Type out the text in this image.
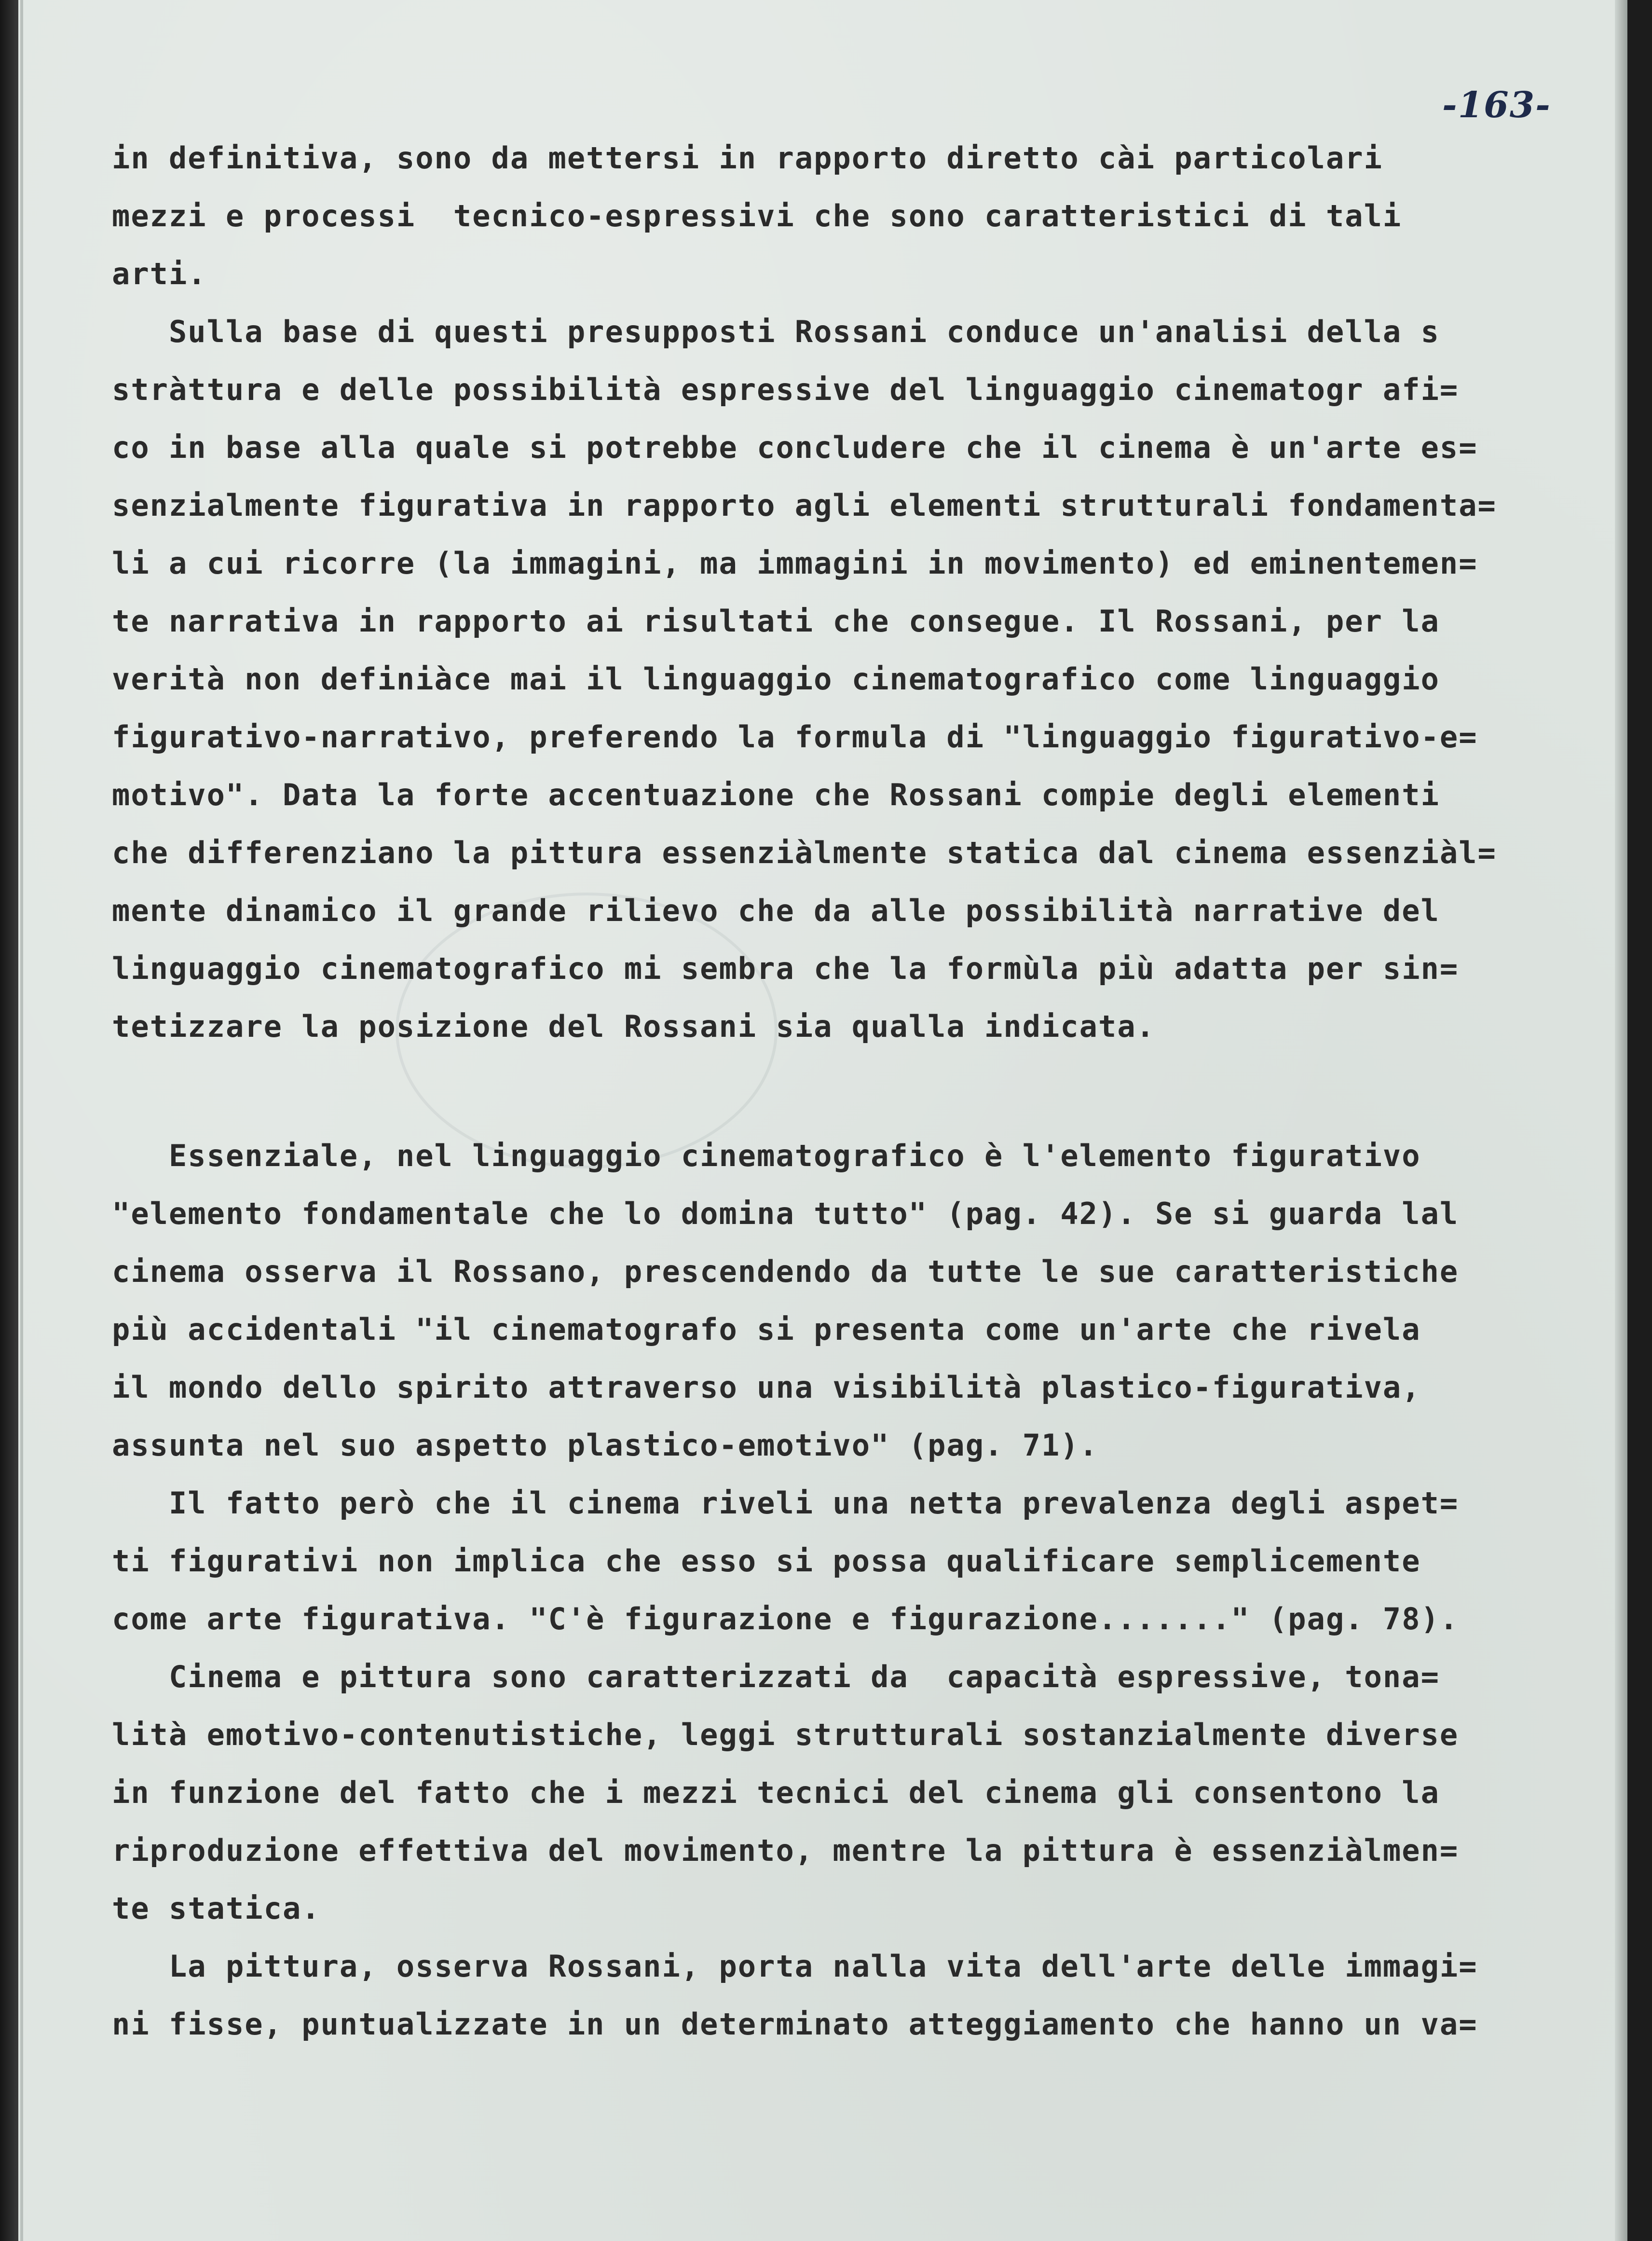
-163-
in definitiva, sono da mettersi in rapporto diretto cài particolari
mezzi e processi  tecnico-espressivi che sono caratteristici di tali
arti.
Sulla base di questi presupposti Rossani conduce un'analisi della s
stràttura e delle possibilità espressive del linguaggio cinematogr afi=
co in base alla quale si potrebbe concludere che il cinema è un'arte es=
senzialmente figurativa in rapporto agli elementi strutturali fondamenta=
li a cui ricorre (la immagini, ma immagini in movimento) ed eminentemen=
te narrativa in rapporto ai risultati che consegue. Il Rossani, per la
verità non definiàce mai il linguaggio cinematografico come linguaggio
figurativo-narrativo, preferendo la formula di "linguaggio figurativo-e=
motivo". Data la forte accentuazione che Rossani compie degli elementi
che differenziano la pittura essenziàlmente statica dal cinema essenziàl=
mente dinamico il grande rilievo che da alle possibilità narrative del
linguaggio cinematografico mi sembra che la formùla più adatta per sin=
tetizzare la posizione del Rossani sia qualla indicata.
Essenziale, nel linguaggio cinematografico è l'elemento figurativo
"elemento fondamentale che lo domina tutto" (pag. 42). Se si guarda lal
cinema osserva il Rossano, prescendendo da tutte le sue caratteristiche
più accidentali "il cinematografo si presenta come un'arte che rivela
il mondo dello spirito attraverso una visibilità plastico-figurativa,
assunta nel suo aspetto plastico-emotivo" (pag. 71).
Il fatto però che il cinema riveli una netta prevalenza degli aspet=
ti figurativi non implica che esso si possa qualificare semplicemente
come arte figurativa. "C'è figurazione e figurazione......." (pag. 78).
Cinema e pittura sono caratterizzati da  capacità espressive, tona=
lità emotivo-contenutistiche, leggi strutturali sostanzialmente diverse
in funzione del fatto che i mezzi tecnici del cinema gli consentono la
riproduzione effettiva del movimento, mentre la pittura è essenziàlmen=
te statica.
La pittura, osserva Rossani, porta nalla vita dell'arte delle immagi=
ni fisse, puntualizzate in un determinato atteggiamento che hanno un va=
